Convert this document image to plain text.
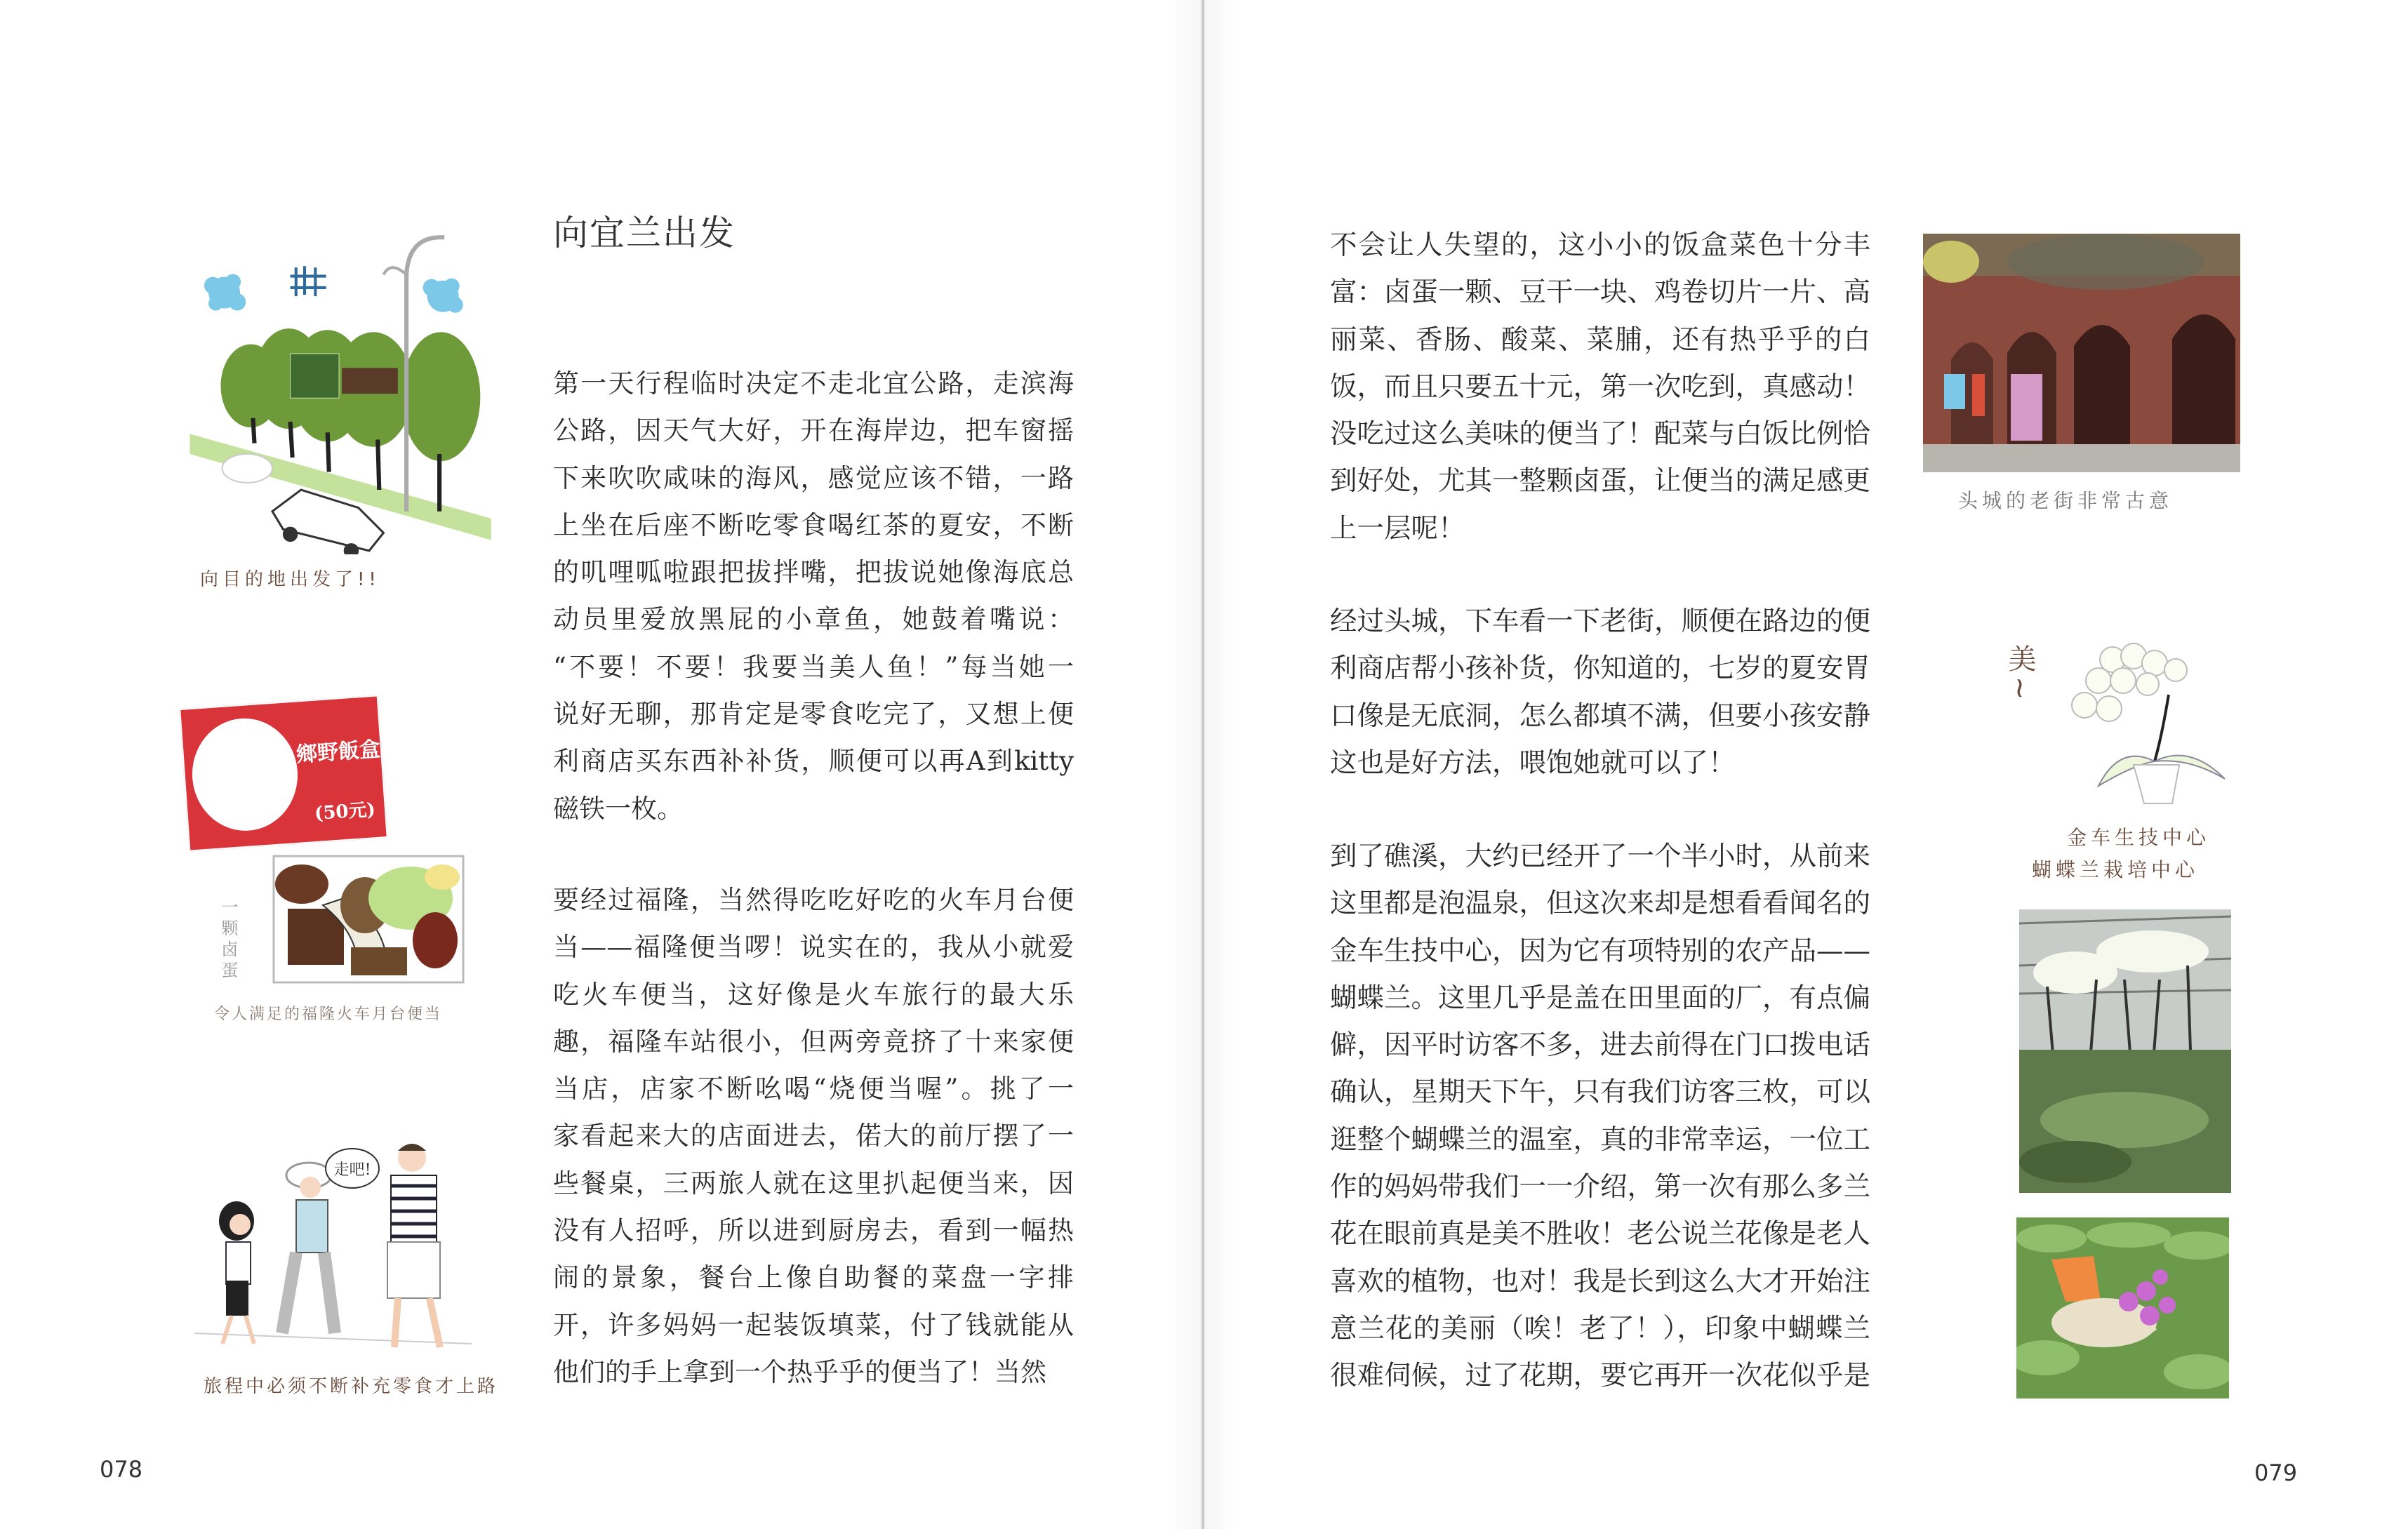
向宜兰出发
第一天行程临时决定不走北宜公路，走滨海
公路，因天气大好，开在海岸边，把车窗摇
下来吹吹咸味的海风，感觉应该不错，一路
上坐在后座不断吃零食喝红茶的夏安，不断
的叽哩呱啦跟把拔拌嘴，把拔说她像海底总
动员里爱放黑屁的小章鱼，她鼓着嘴说：
“不要！不要！我要当美人鱼！”每当她一
说好无聊，那肯定是零食吃完了，又想上便
利商店买东西补补货，顺便可以再A到kitty
磁铁一枚。
要经过福隆，当然得吃吃好吃的火车月台便
当——福隆便当啰！说实在的，我从小就爱
吃火车便当，这好像是火车旅行的最大乐
趣，福隆车站很小，但两旁竟挤了十来家便
当店，店家不断吆喝“烧便当喔”。挑了一
家看起来大的店面进去，偌大的前厅摆了一
些餐桌，三两旅人就在这里扒起便当来，因
没有人招呼，所以进到厨房去，看到一幅热
闹的景象，餐台上像自助餐的菜盘一字排
开，许多妈妈一起装饭填菜，付了钱就能从
他们的手上拿到一个热乎乎的便当了！当然
向目的地出发了!!
鄉野飯盒
(50元)
一颗卤蛋
令人满足的福隆火车月台便当
走吧!
旅程中必须不断补充零食才上路
078
不会让人失望的，这小小的饭盒菜色十分丰
富：卤蛋一颗、豆干一块、鸡卷切片一片、高
丽菜、香肠、酸菜、菜脯，还有热乎乎的白
饭，而且只要五十元，第一次吃到，真感动！
没吃过这么美味的便当了！配菜与白饭比例恰
到好处，尤其一整颗卤蛋，让便当的满足感更
上一层呢！
经过头城，下车看一下老街，顺便在路边的便
利商店帮小孩补货，你知道的，七岁的夏安胃
口像是无底洞，怎么都填不满，但要小孩安静
这也是好方法，喂饱她就可以了！
到了礁溪，大约已经开了一个半小时，从前来
这里都是泡温泉，但这次来却是想看看闻名的
金车生技中心，因为它有项特别的农产品——
蝴蝶兰。这里几乎是盖在田里面的厂，有点偏
僻，因平时访客不多，进去前得在门口拨电话
确认，星期天下午，只有我们访客三枚，可以
逛整个蝴蝶兰的温室，真的非常幸运，一位工
作的妈妈带我们一一介绍，第一次有那么多兰
花在眼前真是美不胜收！老公说兰花像是老人
喜欢的植物，也对！我是长到这么大才开始注
意兰花的美丽（唉！老了！），印象中蝴蝶兰
很难伺候，过了花期，要它再开一次花似乎是
头城的老街非常古意
美~
金车生技中心
蝴蝶兰栽培中心
079
